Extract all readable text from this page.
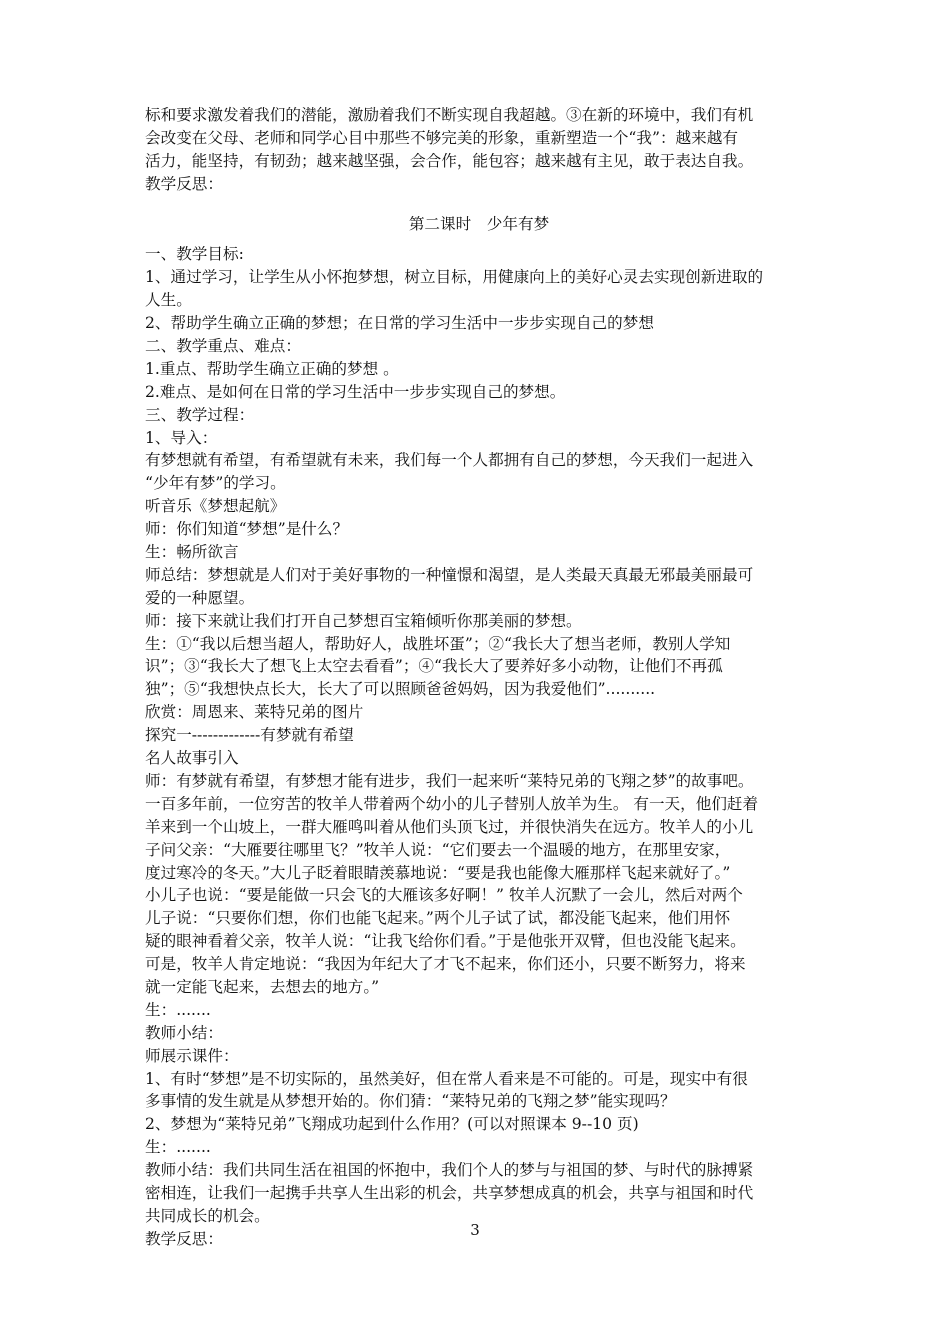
标和要求激发着我们的潜能，激励着我们不断实现自我超越。③在新的环境中，我们有机

会改变在父母、老师和同学心目中那些不够完美的形象，重新塑造一个“我”：越来越有

活力，能坚持，有韧劲；越来越坚强，会合作，能包容；越来越有主见，敢于表达自我。

教学反思：

第二课时　少年有梦

一、教学目标:

1、通过学习，让学生从小怀抱梦想，树立目标，用健康向上的美好心灵去实现创新进取的

人生。

2、帮助学生确立正确的梦想；在日常的学习生活中一步步实现自己的梦想

二、教学重点、难点：

1.重点、帮助学生确立正确的梦想 。

2.难点、是如何在日常的学习生活中一步步实现自己的梦想。

三、教学过程：

1、导入：

有梦想就有希望，有希望就有未来，我们每一个人都拥有自己的梦想，今天我们一起进入

“少年有梦”的学习。

听音乐《梦想起航》

师：你们知道“梦想”是什么？

生：畅所欲言

师总结：梦想就是人们对于美好事物的一种憧憬和渴望，是人类最天真最无邪最美丽最可

爱的一种愿望。

师：接下来就让我们打开自己梦想百宝箱倾听你那美丽的梦想。

生：①“我以后想当超人，帮助好人，战胜坏蛋”；②“我长大了想当老师，教别人学知

识”；③“我长大了想飞上太空去看看”；④“我长大了要养好多小动物，让他们不再孤

独”；⑤“我想快点长大，长大了可以照顾爸爸妈妈，因为我爱他们”..........

欣赏：周恩来、莱特兄弟的图片

探究一-------------有梦就有希望

名人故事引入

师：有梦就有希望，有梦想才能有进步，我们一起来听“莱特兄弟的飞翔之梦”的故事吧。

一百多年前，一位穷苦的牧羊人带着两个幼小的儿子替别人放羊为生。 有一天，他们赶着

羊来到一个山坡上，一群大雁鸣叫着从他们头顶飞过，并很快消失在远方。牧羊人的小儿

子问父亲：“大雁要往哪里飞？”牧羊人说：“它们要去一个温暖的地方，在那里安家，

度过寒冷的冬天。”大儿子眨着眼睛羡慕地说：“要是我也能像大雁那样飞起来就好了。”

小儿子也说：“要是能做一只会飞的大雁该多好啊！” 牧羊人沉默了一会儿，然后对两个

儿子说：“只要你们想，你们也能飞起来。”两个儿子试了试，都没能飞起来，他们用怀

疑的眼神看着父亲，牧羊人说：“让我飞给你们看。”于是他张开双臂，但也没能飞起来。

可是，牧羊人肯定地说：“我因为年纪大了才飞不起来，你们还小，只要不断努力，将来

就一定能飞起来，去想去的地方。”

生：.......

教师小结：

师展示课件：

1、有时“梦想”是不切实际的，虽然美好，但在常人看来是不可能的。可是，现实中有很

多事情的发生就是从梦想开始的。你们猜：“莱特兄弟的飞翔之梦”能实现吗？

2、梦想为“莱特兄弟”飞翔成功起到什么作用？(可以对照课本 9--10 页)

生：.......

教师小结：我们共同生活在祖国的怀抱中，我们个人的梦与与祖国的梦、与时代的脉搏紧

密相连，让我们一起携手共享人生出彩的机会，共享梦想成真的机会，共享与祖国和时代

共同成长的机会。

教学反思：	3
